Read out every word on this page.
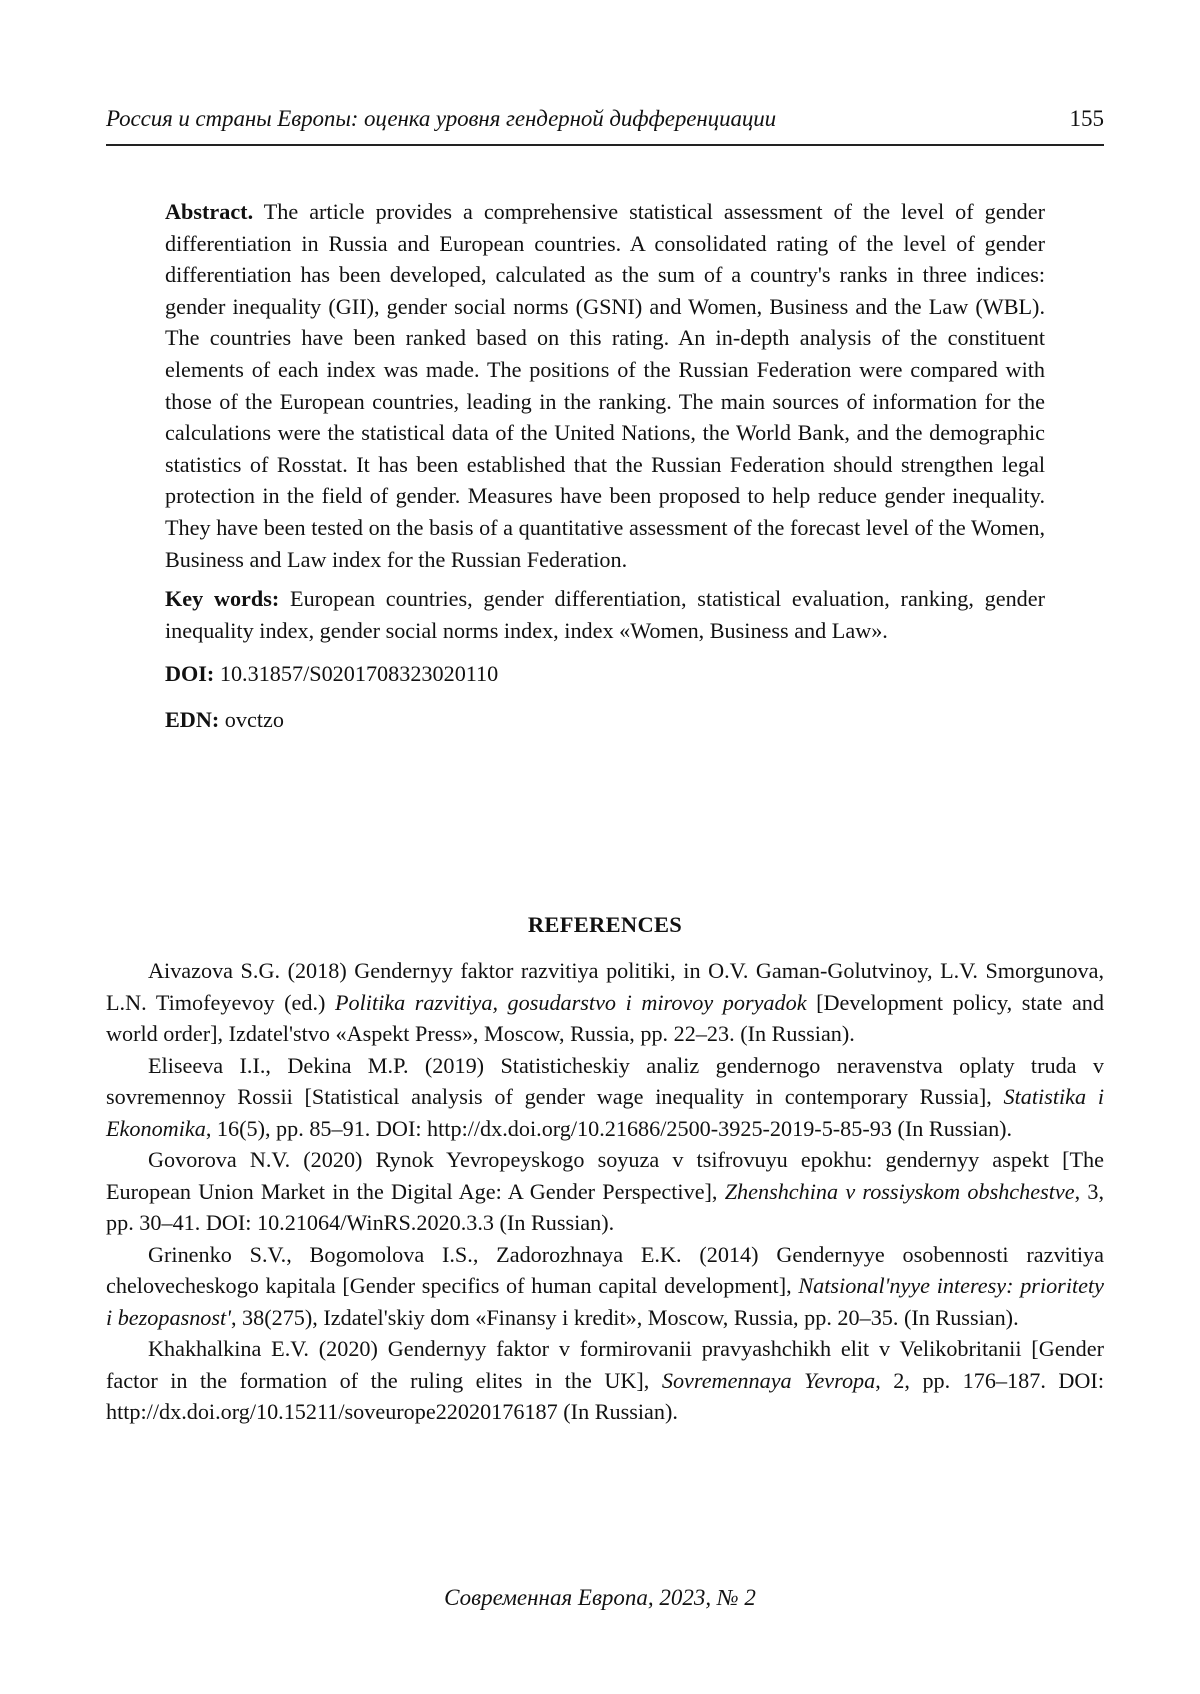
Россия и страны Европы: оценка уровня гендерной дифференциации	155

Abstract. The article provides a comprehensive statistical assessment of the level of gender differentiation in Russia and European countries. A consolidated rating of the level of gender differentiation has been developed, calculated as the sum of a country's ranks in three indices: gender inequality (GII), gender social norms (GSNI) and Women, Business and the Law (WBL). The countries have been ranked based on this rating. An in-depth analysis of the constituent elements of each index was made. The positions of the Russian Federation were compared with those of the European countries, leading in the ranking. The main sources of information for the calculations were the statistical data of the United Nations, the World Bank, and the demographic statistics of Rosstat. It has been established that the Russian Federation should strengthen legal protection in the field of gender. Measures have been proposed to help reduce gender inequality. They have been tested on the basis of a quantitative assessment of the forecast level of the Women, Business and Law index for the Russian Federation.

Key words: European countries, gender differentiation, statistical evaluation, ranking, gender inequality index, gender social norms index, index «Women, Business and Law».

DOI: 10.31857/S0201708323020110

EDN: ovctzo

REFERENCES

Aivazova S.G. (2018) Gendernyy faktor razvitiya politiki, in O.V. Gaman-Golutvinoy, L.V. Smorgunova, L.N. Timofeyevoy (ed.) Politika razvitiya, gosudarstvo i mirovoy poryadok [Development policy, state and world order], Izdatel'stvo «Aspekt Press», Moscow, Russia, pp. 22–23. (In Russian).

Eliseeva I.I., Dekina M.P. (2019) Statisticheskiy analiz gendernogo neravenstva oplaty truda v sovremennoy Rossii [Statistical analysis of gender wage inequality in contemporary Russia], Statistika i Ekonomika, 16(5), pp. 85–91. DOI: http://dx.doi.org/10.21686/2500-3925-2019-5-85-93 (In Russian).

Govorova N.V. (2020) Rynok Yevropeyskogo soyuza v tsifrovuyu epokhu: gendernyy aspekt [The European Union Market in the Digital Age: A Gender Perspective], Zhenshchina v rossiyskom obshchestve, 3, pp. 30–41. DOI: 10.21064/WinRS.2020.3.3 (In Russian).

Grinenko S.V., Bogomolova I.S., Zadorozhnaya E.K. (2014) Gendernyye osobennosti razvitiya chelovecheskogo kapitala [Gender specifics of human capital development], Natsional'nyye interesy: prioritety i bezopasnost', 38(275), Izdatel'skiy dom «Finansy i kredit», Moscow, Russia, pp. 20–35. (In Russian).

Khakhalkina E.V. (2020) Gendernyy faktor v formirovanii pravyashchikh elit v Velikobritanii [Gender factor in the formation of the ruling elites in the UK], Sovremennaya Yevropa, 2, pp. 176–187. DOI: http://dx.doi.org/10.15211/soveurope22020176187 (In Russian).

Современная Европа, 2023, № 2
